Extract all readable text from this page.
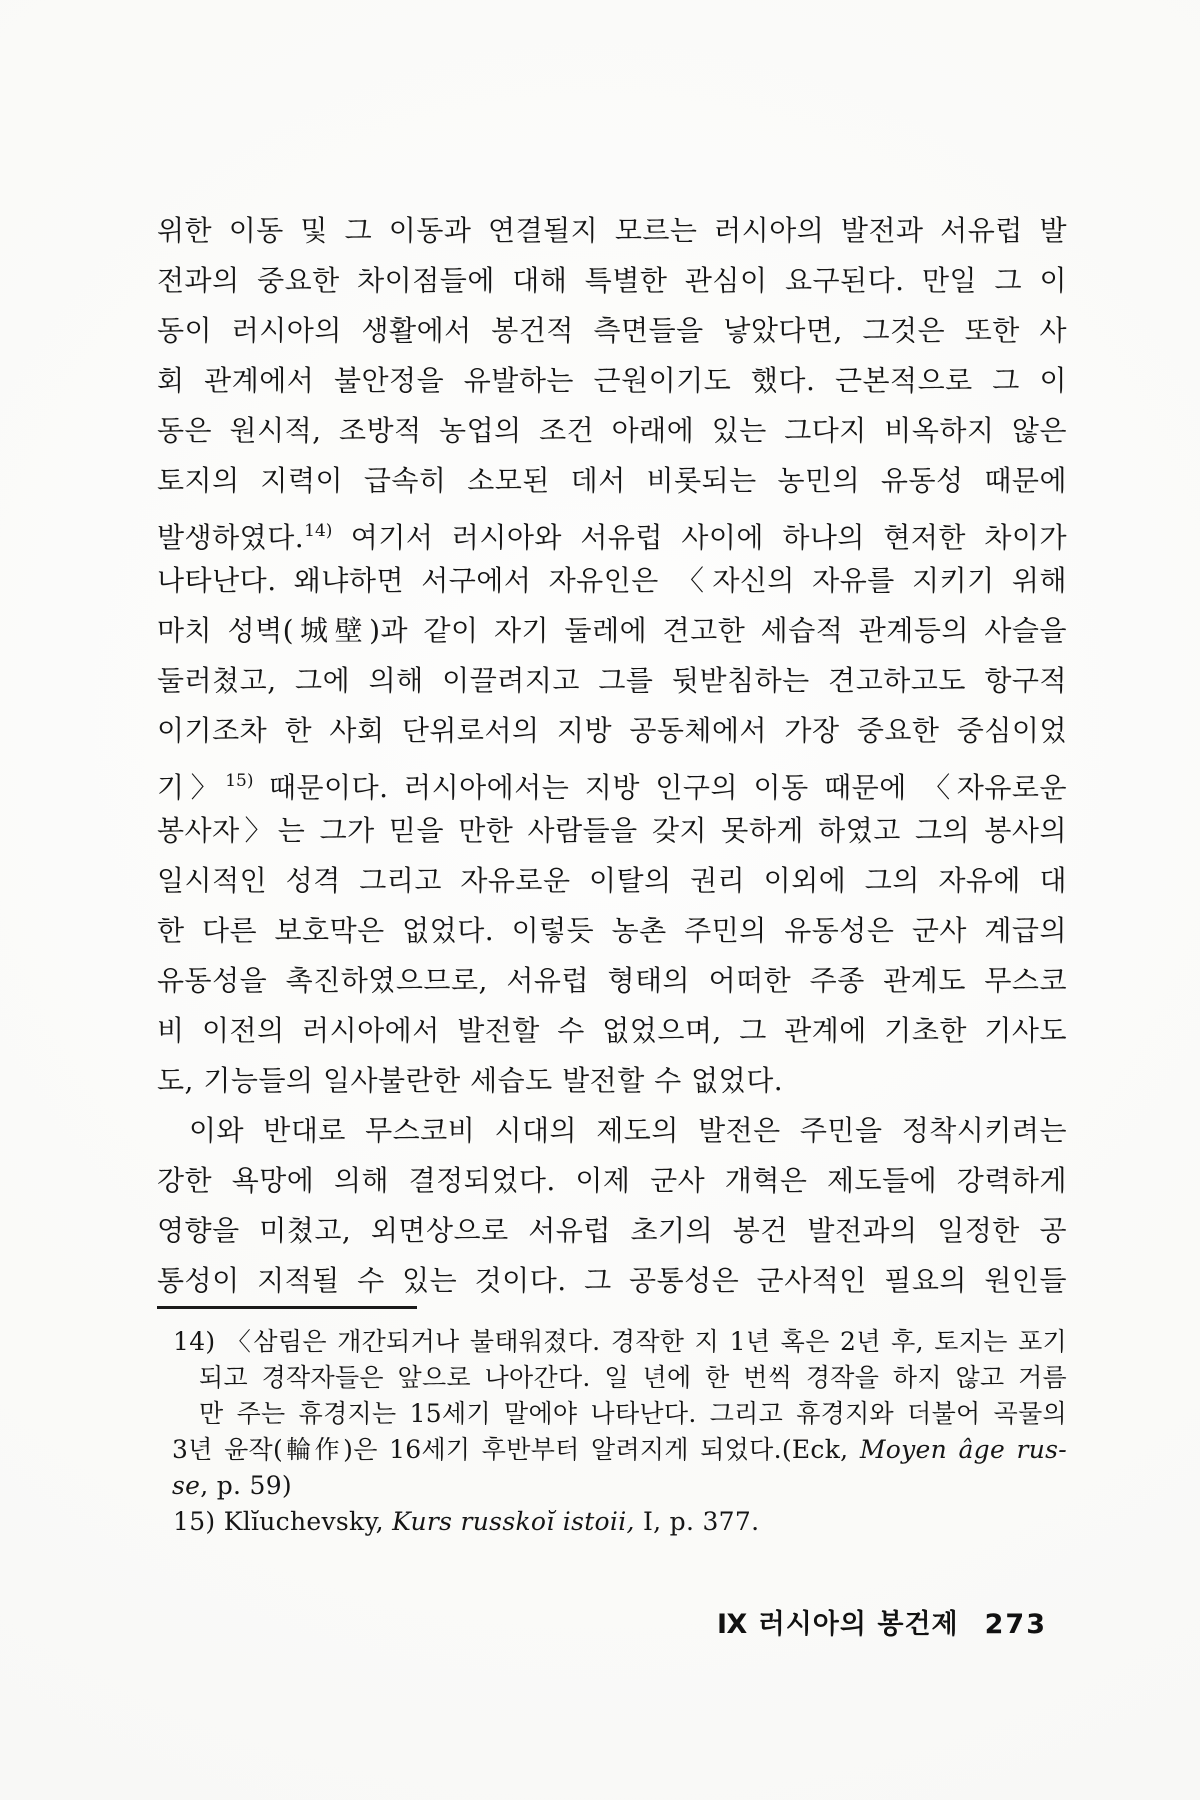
위한 이동 및 그 이동과 연결될지 모르는 러시아의 발전과 서유럽 발
전과의 중요한 차이점들에 대해 특별한 관심이 요구된다. 만일 그 이
동이 러시아의 생활에서 봉건적 측면들을 낳았다면, 그것은 또한 사
회 관계에서 불안정을 유발하는 근원이기도 했다. 근본적으로 그 이
동은 원시적, 조방적 농업의 조건 아래에 있는 그다지 비옥하지 않은
토지의 지력이 급속히 소모된 데서 비롯되는 농민의 유동성 때문에
발생하였다.$^{14)}$ 여기서 러시아와 서유럽 사이에 하나의 현저한 차이가
나타난다. 왜냐하면 서구에서 자유인은 〈자신의 자유를 지키기 위해
마치 성벽(城壁)과 같이 자기 둘레에 견고한 세습적 관계등의 사슬을
둘러쳤고, 그에 의해 이끌려지고 그를 뒷받침하는 견고하고도 항구적
이기조차 한 사회 단위로서의 지방 공동체에서 가장 중요한 중심이었
기〉$^{15)}$ 때문이다. 러시아에서는 지방 인구의 이동 때문에 〈자유로운
봉사자〉는 그가 믿을 만한 사람들을 갖지 못하게 하였고 그의 봉사의
일시적인 성격 그리고 자유로운 이탈의 권리 이외에 그의 자유에 대
한 다른 보호막은 없었다. 이렇듯 농촌 주민의 유동성은 군사 계급의
유동성을 촉진하였으므로, 서유럽 형태의 어떠한 주종 관계도 무스코
비 이전의 러시아에서 발전할 수 없었으며, 그 관계에 기초한 기사도
도, 기능들의 일사불란한 세습도 발전할 수 없었다.
이와 반대로 무스코비 시대의 제도의 발전은 주민을 정착시키려는
강한 욕망에 의해 결정되었다. 이제 군사 개혁은 제도들에 강력하게
영향을 미쳤고, 외면상으로 서유럽 초기의 봉건 발전과의 일정한 공
통성이 지적될 수 있는 것이다. 그 공통성은 군사적인 필요의 원인들
14) 〈삼림은 개간되거나 불태워졌다. 경작한 지 1년 혹은 2년 후, 토지는 포기
되고 경작자들은 앞으로 나아간다. 일 년에 한 번씩 경작을 하지 않고 거름
만 주는 휴경지는 15세기 말에야 나타난다. 그리고 휴경지와 더불어 곡물의
3년 윤작(輪作)은 16세기 후반부터 알려지게 되었다.(Eck, Moyen âge rus-
se, p. 59)
15) Klĭuchevsky, Kurs russkoĭ istoii, Ⅰ, p. 377.
Ⅸ 러시아의 봉건제 273
